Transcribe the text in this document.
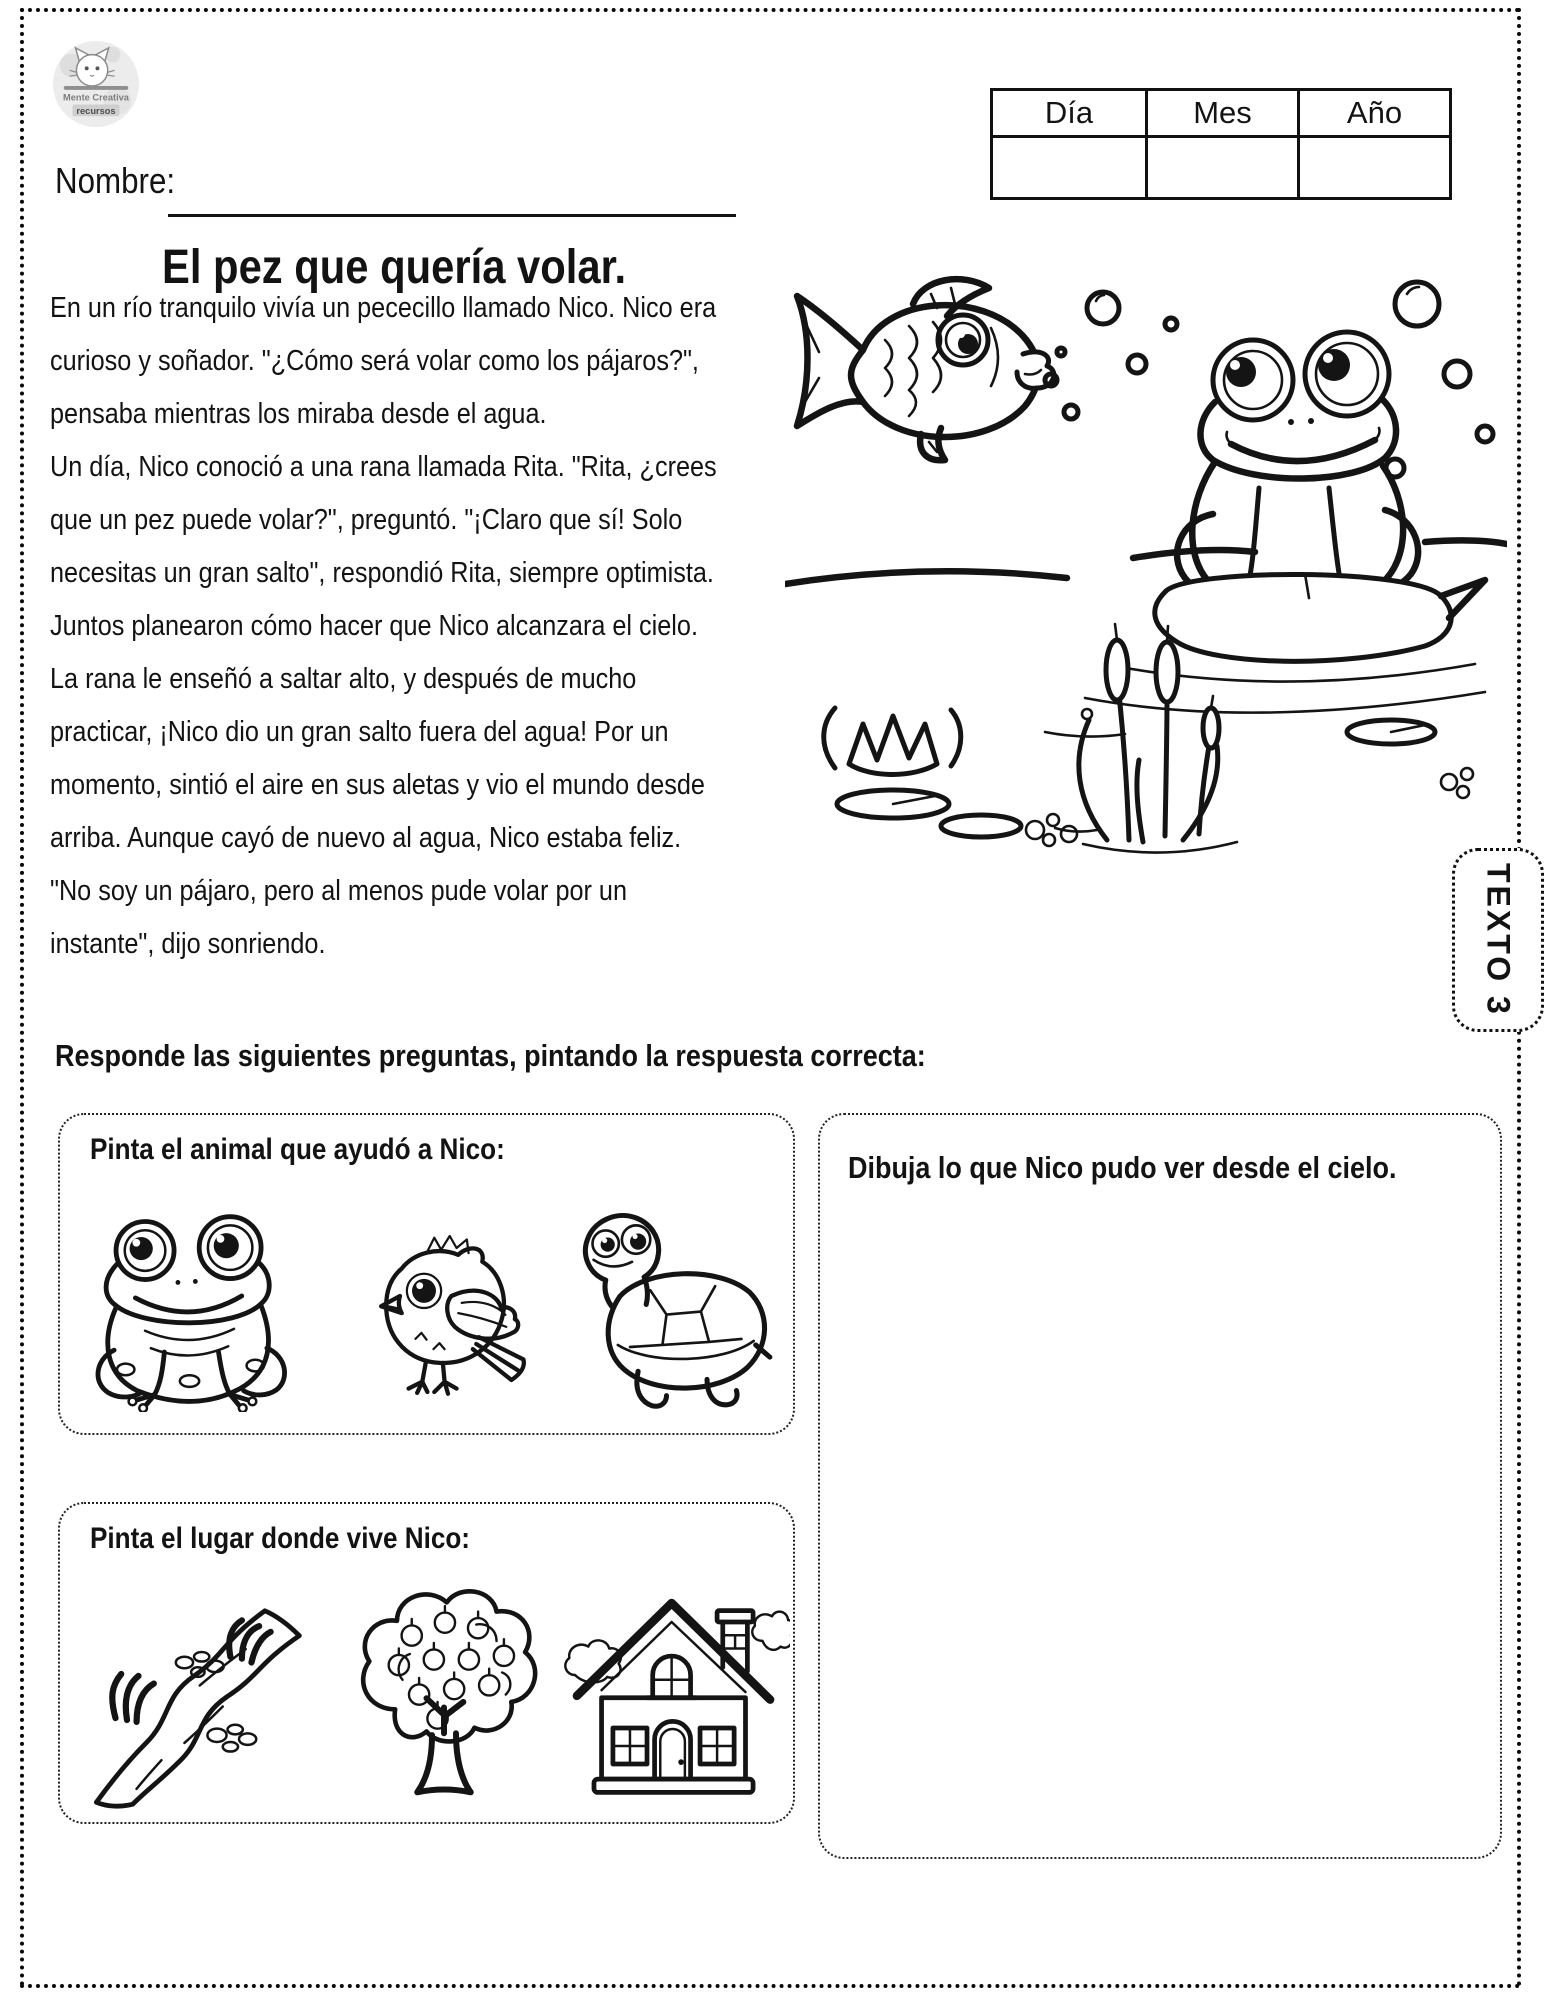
Mente Creativa
recursos
Nombre:
Día	Mes	Año
El pez que quería volar.
En un río tranquilo vivía un pececillo llamado Nico. Nico era
curioso y soñador. "¿Cómo será volar como los pájaros?",
pensaba mientras los miraba desde el agua.
Un día, Nico conoció a una rana llamada Rita. "Rita, ¿crees
que un pez puede volar?", preguntó. "¡Claro que sí! Solo
necesitas un gran salto", respondió Rita, siempre optimista.
Juntos planearon cómo hacer que Nico alcanzara el cielo.
La rana le enseñó a saltar alto, y después de mucho
practicar, ¡Nico dio un gran salto fuera del agua! Por un
momento, sintió el aire en sus aletas y vio el mundo desde
arriba. Aunque cayó de nuevo al agua, Nico estaba feliz.
"No soy un pájaro, pero al menos pude volar por un
instante", dijo sonriendo.	TEXTO 3
Responde las siguientes preguntas, pintando la respuesta correcta:
Pinta el animal que ayudó a Nico:
Pinta el lugar donde vive Nico:
Dibuja lo que Nico pudo ver desde el cielo.
